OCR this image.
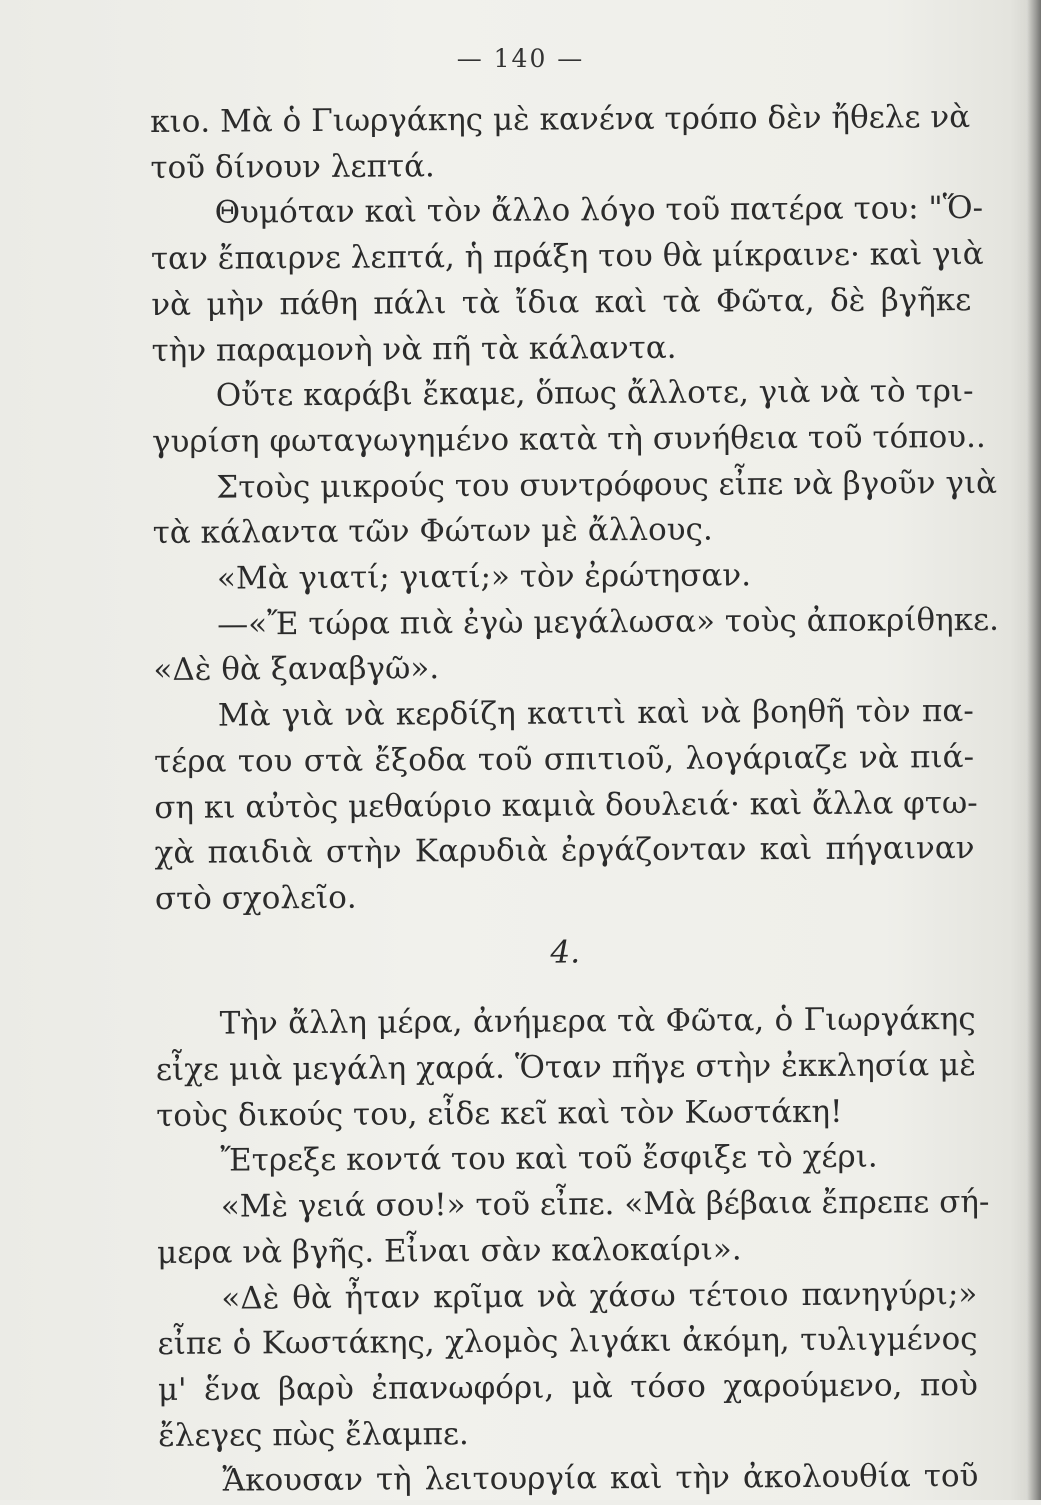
— 140 —
κιο. Μὰ ὁ Γιωργάκης μὲ κανένα τρόπο δὲν ἤθελε νὰ
τοῦ δίνουν λεπτά.
Θυμόταν καὶ τὸν ἄλλο λόγο τοῦ πατέρα του: "Ὅ-
ταν ἔπαιρνε λεπτά, ἡ πράξη του θὰ μίκραινε· καὶ γιὰ
νὰ μὴν πάθη πάλι τὰ ἴδια καὶ τὰ Φῶτα, δὲ βγῆκε
τὴν παραμονὴ νὰ πῆ τὰ κάλαντα.
Οὔτε καράβι ἔκαμε, ὅπως ἄλλοτε, γιὰ νὰ τὸ τρι-
γυρίση φωταγωγημένο κατὰ τὴ συνήθεια τοῦ τόπου..
Στοὺς μικρούς του συντρόφους εἶπε νὰ βγοῦν γιὰ
τὰ κάλαντα τῶν Φώτων μὲ ἄλλους.
«Μὰ γιατί; γιατί;» τὸν ἐρώτησαν.
—«Ἔ τώρα πιὰ ἐγὼ μεγάλωσα» τοὺς ἀποκρίθηκε.
«Δὲ θὰ ξαναβγῶ».
Μὰ γιὰ νὰ κερδίζη κατιτὶ καὶ νὰ βοηθῆ τὸν πα-
τέρα του στὰ ἔξοδα τοῦ σπιτιοῦ, λογάριαζε νὰ πιά-
ση κι αὐτὸς μεθαύριο καμιὰ δουλειά· καὶ ἄλλα φτω-
χὰ παιδιὰ στὴν Καρυδιὰ ἐργάζονταν καὶ πήγαιναν
στὸ σχολεῖο.
4.
Τὴν ἄλλη μέρα, ἀνήμερα τὰ Φῶτα, ὁ Γιωργάκης
εἶχε μιὰ μεγάλη χαρά. Ὅταν πῆγε στὴν ἐκκλησία μὲ
τοὺς δικούς του, εἶδε κεῖ καὶ τὸν Κωστάκη!
Ἔτρεξε κοντά του καὶ τοῦ ἔσφιξε τὸ χέρι.
«Μὲ γειά σου!» τοῦ εἶπε. «Μὰ βέβαια ἔπρεπε σή-
μερα νὰ βγῆς. Εἶναι σὰν καλοκαίρι».
«Δὲ θὰ ἦταν κρῖμα νὰ χάσω τέτοιο πανηγύρι;»
εἶπε ὁ Κωστάκης, χλομὸς λιγάκι ἀκόμη, τυλιγμένος
μ' ἕνα βαρὺ ἐπανωφόρι, μὰ τόσο χαρούμενο, ποὺ
ἔλεγες πὼς ἔλαμπε.
Ἄκουσαν τὴ λειτουργία καὶ τὴν ἀκολουθία τοῦ
